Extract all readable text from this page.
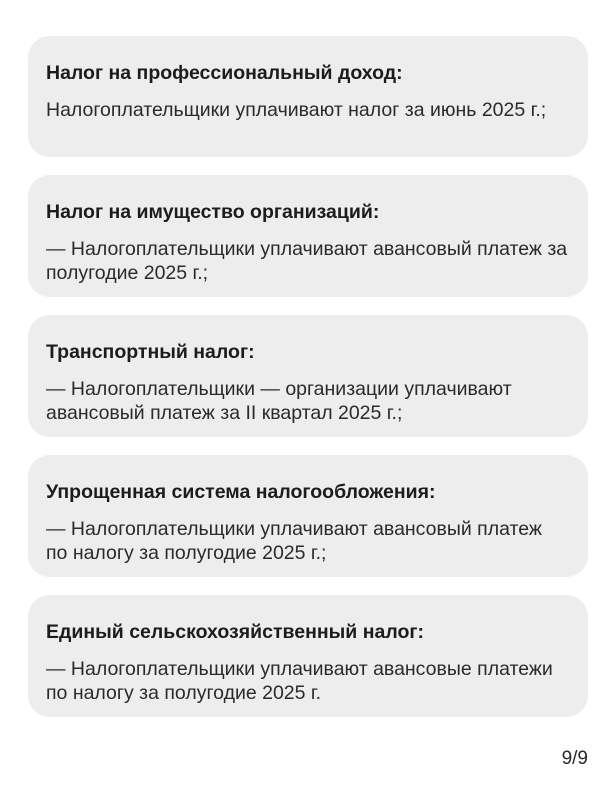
Налог на профессиональный доход:

Налогоплательщики уплачивают налог за июнь 2025 г.;

Налог на имущество организаций:

— Налогоплательщики уплачивают авансовый платеж за полугодие 2025 г.;

Транспортный налог:

— Налогоплательщики — организации уплачивают авансовый платеж за II квартал 2025 г.;

Упрощенная система налогообложения:

— Налогоплательщики уплачивают авансовый платеж по налогу за полугодие 2025 г.;

Единый сельскохозяйственный налог:

— Налогоплательщики уплачивают авансовые платежи по налогу за полугодие 2025 г.

9/9
